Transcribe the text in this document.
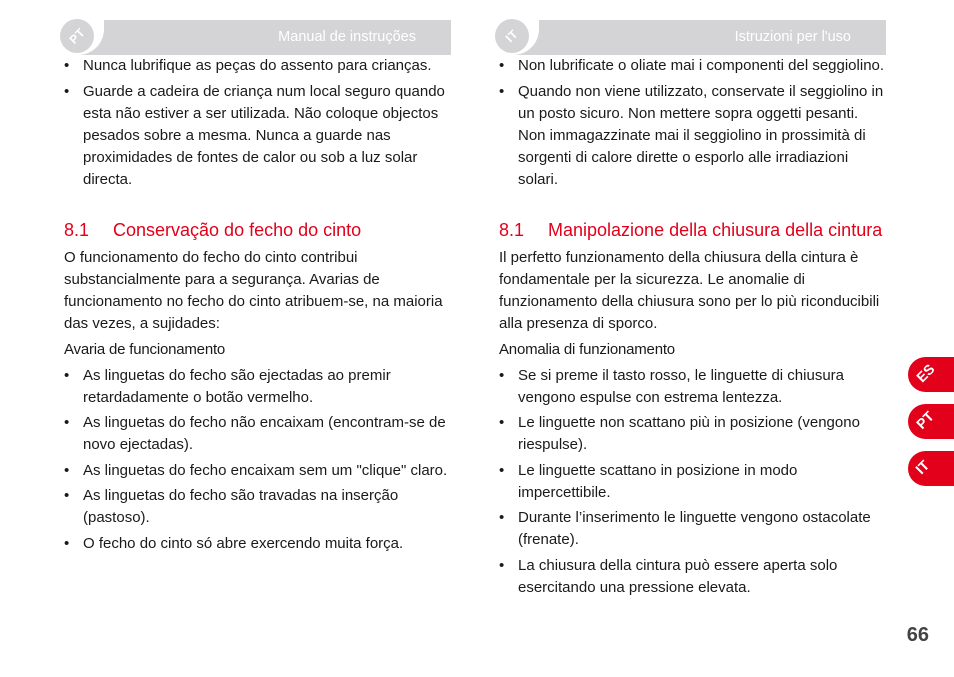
PT	Manual de instruções
• Nunca lubrifique as peças do assento para crianças.
• Guarde a cadeira de criança num local seguro quando esta não estiver a ser utilizada. Não coloque objectos pesados sobre a mesma. Nunca a guarde nas proximidades de fontes de calor ou sob a luz solar directa.
8.1	Conservação do fecho do cinto

O funcionamento do fecho do cinto contribui substancialmente para a segurança. Avarias de funcionamento no fecho do cinto atribuem-se, na maioria das vezes, a sujidades:

Avaria de funcionamento
• As linguetas do fecho são ejectadas ao premir retardadamente o botão vermelho.
• As linguetas do fecho não encaixam (encontram-se de novo ejectadas).
• As linguetas do fecho encaixam sem um "clique" claro.
• As linguetas do fecho são travadas na inserção (pastoso).
• O fecho do cinto só abre exercendo muita força.
IT	Istruzioni per l'uso
• Non lubrificate o oliate mai i componenti del seggiolino.
• Quando non viene utilizzato, conservate il seggiolino in un posto sicuro. Non mettere sopra oggetti pesanti. Non immagazzinate mai il seggiolino in prossimità di sorgenti di calore dirette o esporlo alle irradiazioni solari.
8.1	Manipolazione della chiusura della cintura

Il perfetto funzionamento della chiusura della cintura è fondamentale per la sicurezza. Le anomalie di funzionamento della chiusura sono per lo più riconducibili alla presenza di sporco.

Anomalia di funzionamento
• Se si preme il tasto rosso, le linguette di chiusura vengono espulse con estrema lentezza.
• Le linguette non scattano più in posizione (vengono riespulse).
• Le linguette scattano in posizione in modo impercettibile.
• Durante l’inserimento le linguette vengono ostacolate (frenate).
• La chiusura della cintura può essere aperta solo esercitando una pressione elevata.
ES
PT
IT
66
